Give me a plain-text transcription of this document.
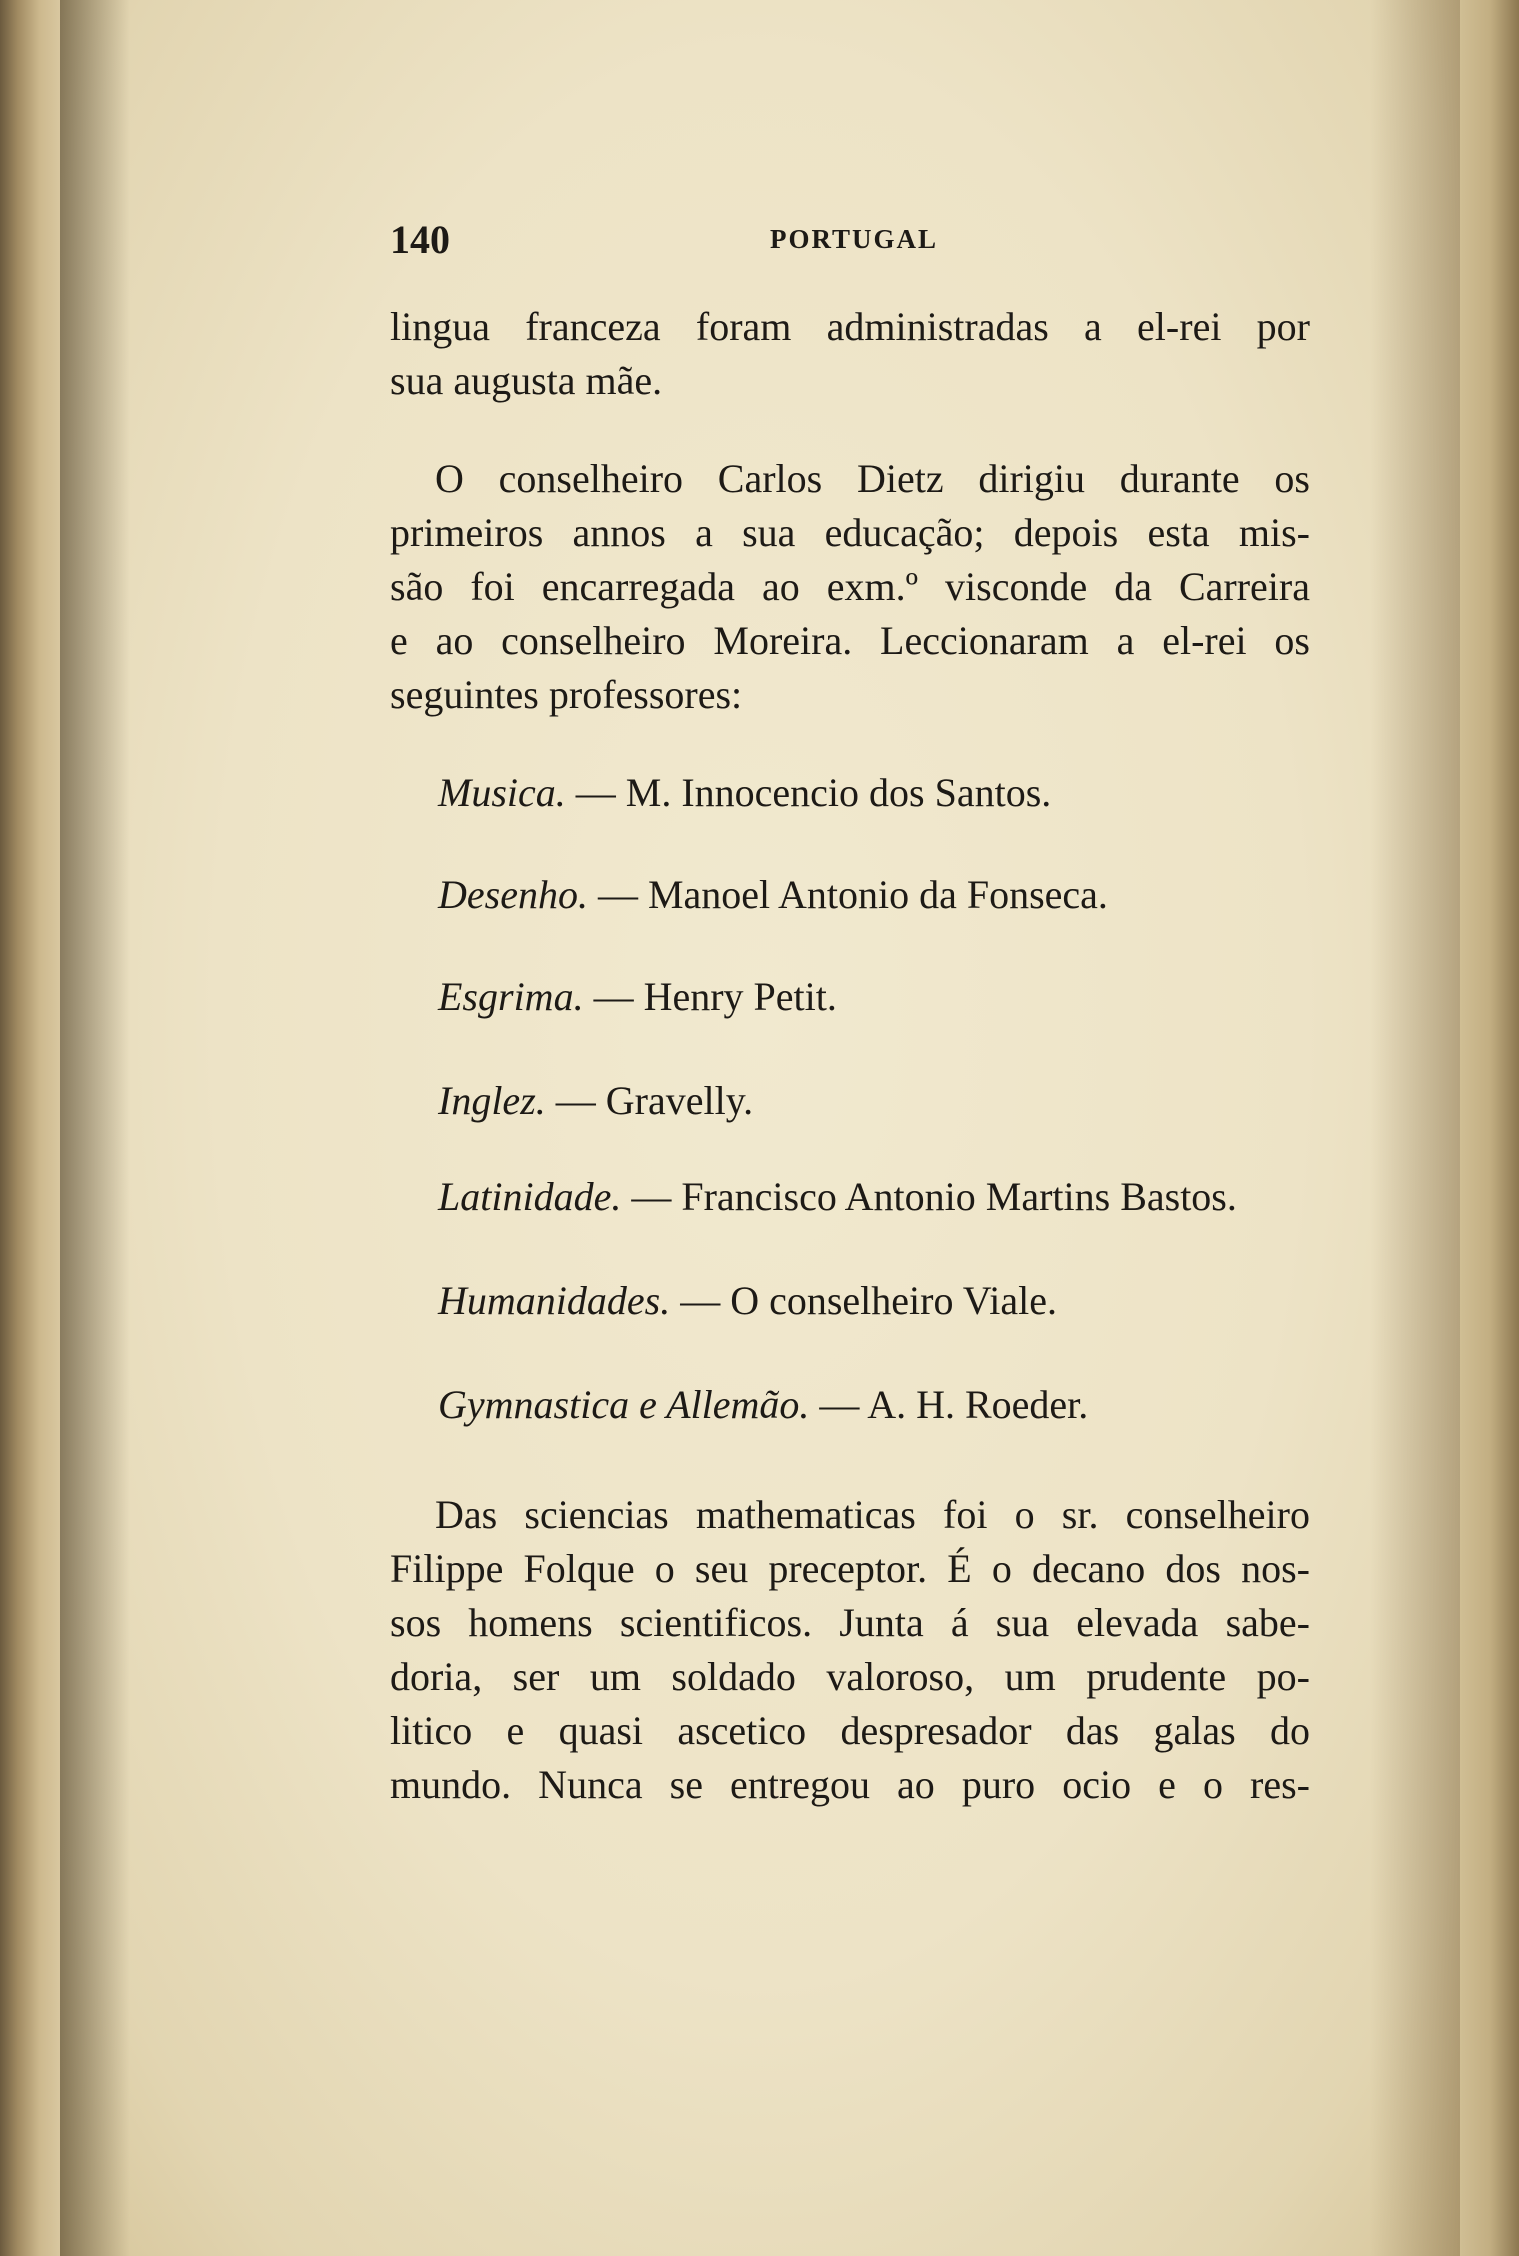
140	PORTUGAL
lingua franceza foram administradas a el-rei por
sua augusta mãe.
O conselheiro Carlos Dietz dirigiu durante os
primeiros annos a sua educação; depois esta mis-
são foi encarregada ao exm.º visconde da Carreira
e ao conselheiro Moreira. Leccionaram a el-rei os
seguintes professores:
Musica. — M. Innocencio dos Santos.
Desenho. — Manoel Antonio da Fonseca.
Esgrima. — Henry Petit.
Inglez. — Gravelly.
Latinidade. — Francisco Antonio Martins Bastos.
Humanidades. — O conselheiro Viale.
Gymnastica e Allemão. — A. H. Roeder.
Das sciencias mathematicas foi o sr. conselheiro
Filippe Folque o seu preceptor. É o decano dos nos-
sos homens scientificos. Junta á sua elevada sabe-
doria, ser um soldado valoroso, um prudente po-
litico e quasi ascetico despresador das galas do
mundo. Nunca se entregou ao puro ocio e o res-
